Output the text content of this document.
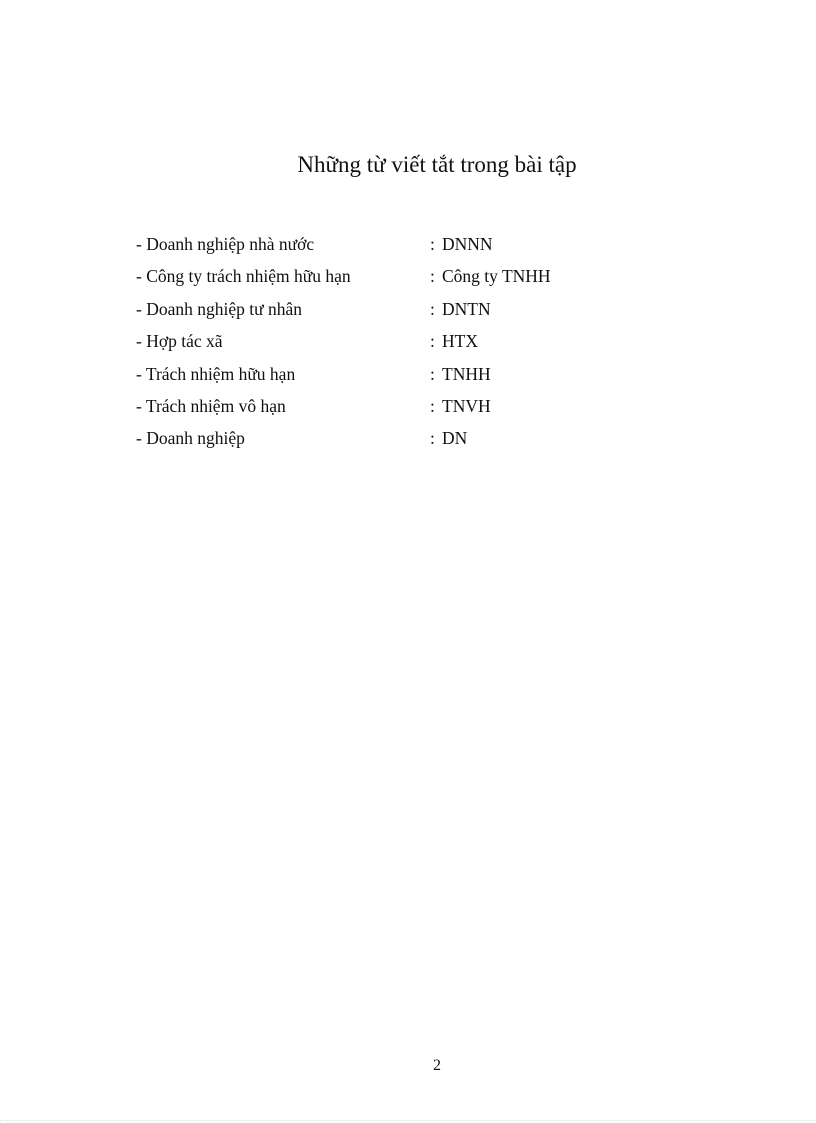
Những từ viết tắt trong bài tập
- Doanh nghiệp nhà nước	: DNNN
- Công ty trách nhiệm hữu hạn	: Công ty TNHH
- Doanh nghiệp tư nhân	: DNTN
- Hợp tác xã	: HTX
- Trách nhiệm hữu hạn	: TNHH
- Trách nhiệm vô hạn	: TNVH
- Doanh nghiệp	: DN
2
